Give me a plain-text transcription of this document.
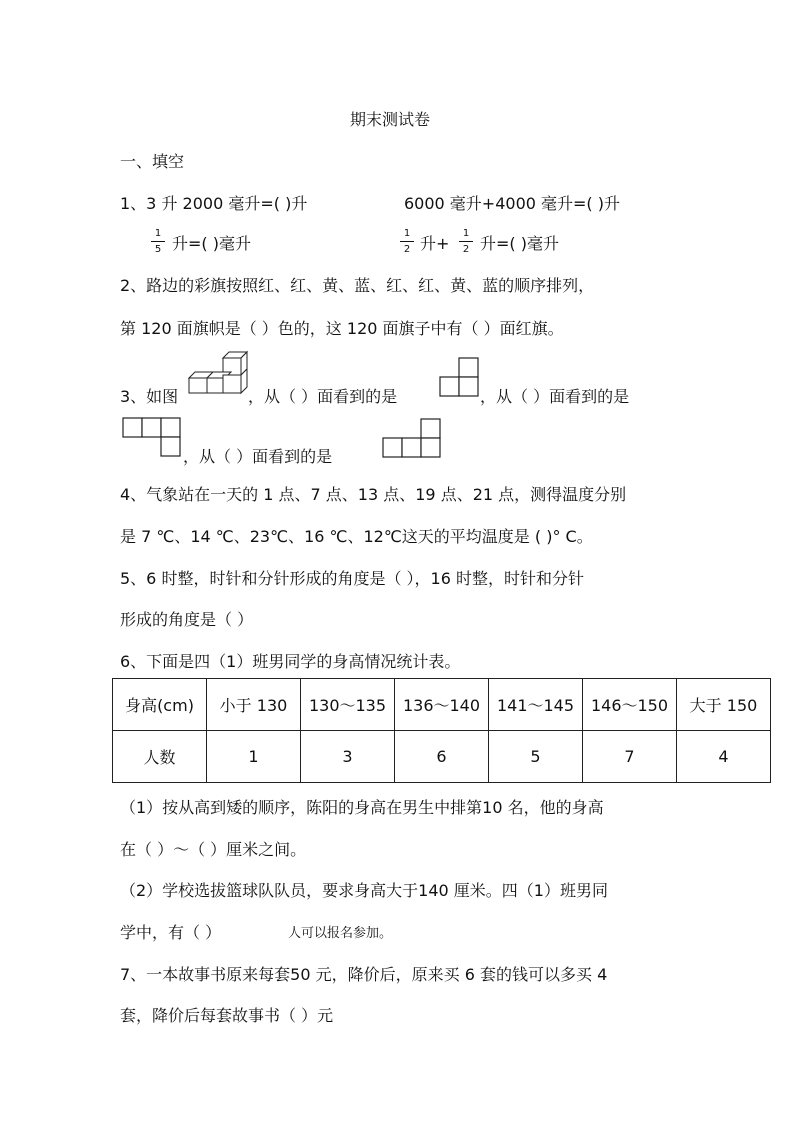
期末测试卷
一、填空
1、3 升 2000 毫升=( )升	6000 毫升+4000 毫升=( )升
1
5 升=( )毫升
1
2 升+
1
2 升=( )毫升
2、路边的彩旗按照红、红、黄、蓝、红、红、黄、蓝的顺序排列，
第 120 面旗帜是（ ）色的，这 120 面旗子中有（ ）面红旗。
3、如图	，从（ ）面看到的是	，从（ ）面看到的是
，从（ ）面看到的是
4、气象站在一天的 1 点、7 点、13 点、19 点、21 点，测得温度分别
是 7 ℃、14 ℃、23℃、16 ℃、12℃这天的平均温度是 ( )° C。
5、6 时整，时针和分针形成的角度是（ ），16 时整，时针和分针
形成的角度是（ ）
6、下面是四（1）班男同学的身高情况统计表。
身高(cm)	小于 130	130～135	136～140	141～145	146～150	大于 150
人数	1	3	6	5	7	4
（1）按从高到矮的顺序，陈阳的身高在男生中排第10 名，他的身高
在（ ）～（ ）厘米之间。
（2）学校选拔篮球队队员，要求身高大于140 厘米。四（1）班男同
学中，有（ ）	人可以报名参加。
7、一本故事书原来每套50 元，降价后，原来买 6 套的钱可以多买 4
套，降价后每套故事书（ ）元
